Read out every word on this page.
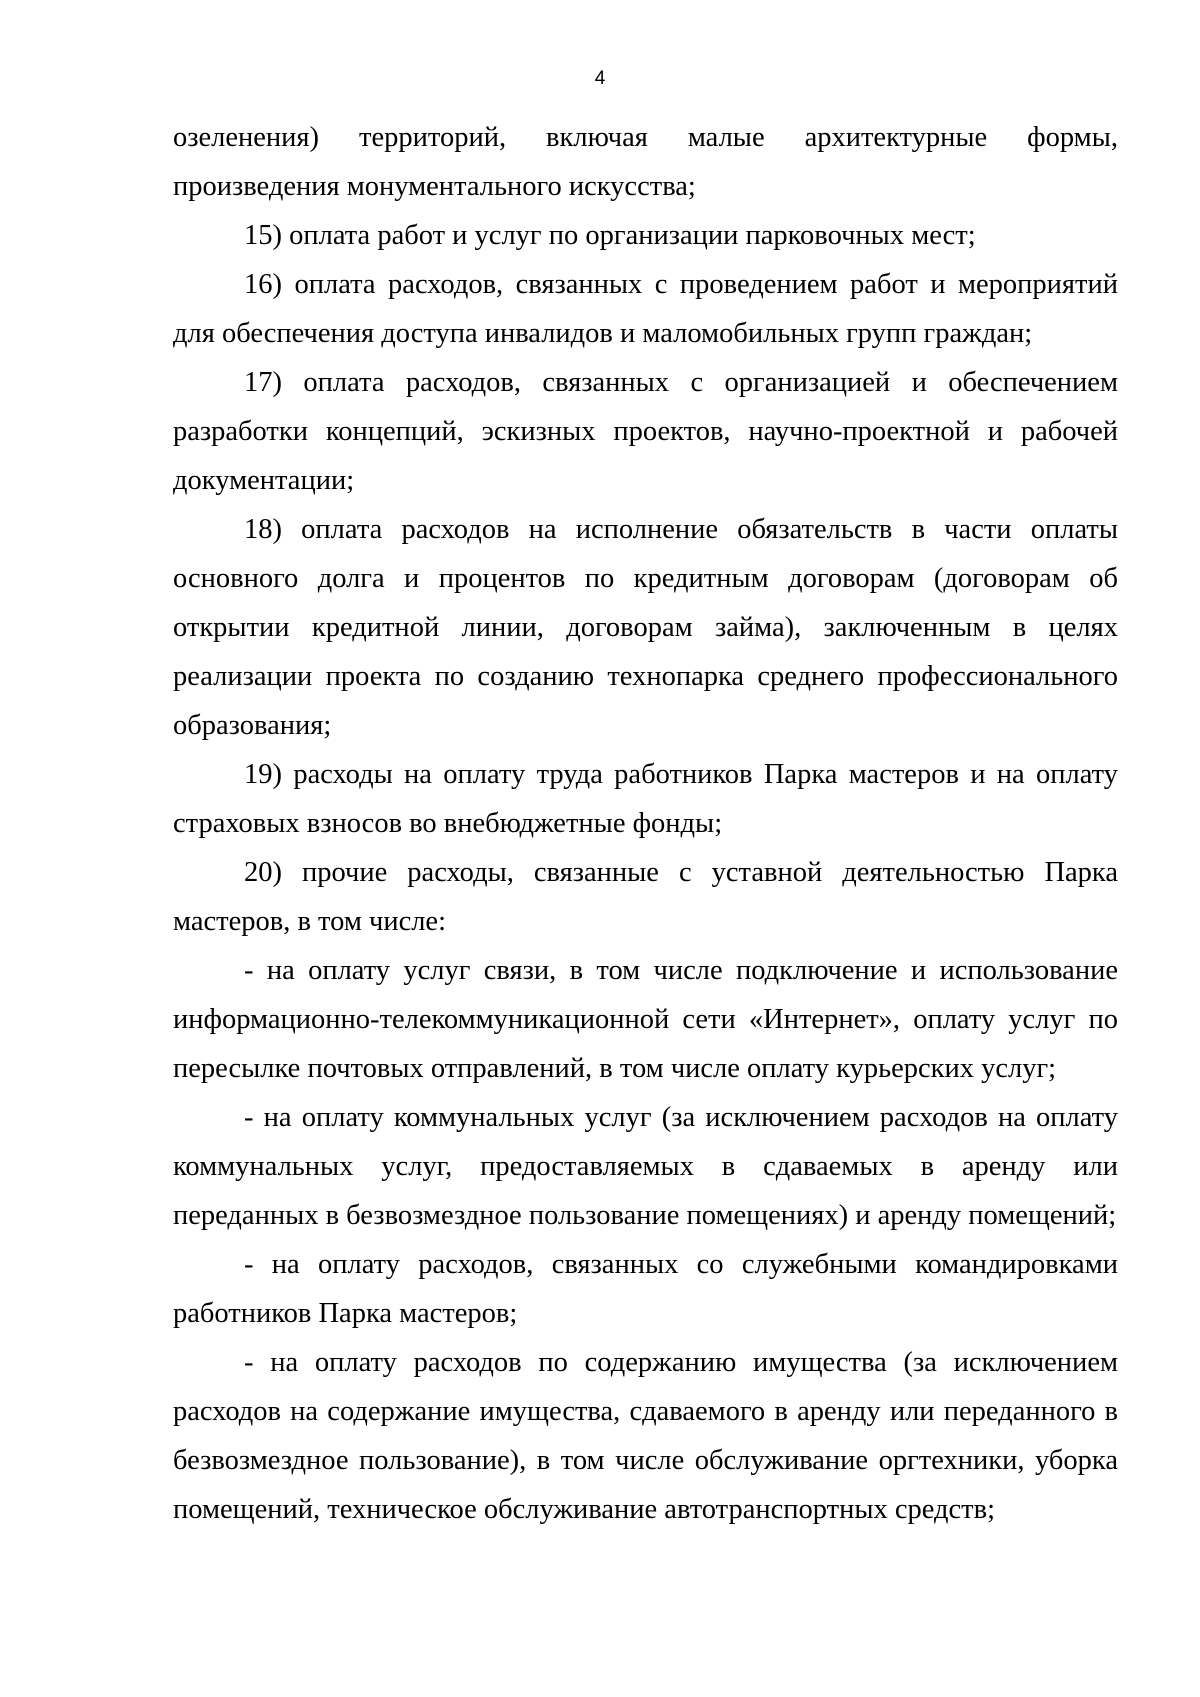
4

озеленения) территорий, включая малые архитектурные формы, произведения монументального искусства;

15) оплата работ и услуг по организации парковочных мест;

16) оплата расходов, связанных с проведением работ и мероприятий для обеспечения доступа инвалидов и маломобильных групп граждан;

17) оплата расходов, связанных с организацией и обеспечением разработки концепций, эскизных проектов, научно-проектной и рабочей документации;

18) оплата расходов на исполнение обязательств в части оплаты основного долга и процентов по кредитным договорам (договорам об открытии кредитной линии, договорам займа), заключенным в целях реализации проекта по созданию технопарка среднего профессионального образования;

19) расходы на оплату труда работников Парка мастеров и на оплату страховых взносов во внебюджетные фонды;

20) прочие расходы, связанные с уставной деятельностью Парка мастеров, в том числе:

- на оплату услуг связи, в том числе подключение и использование информационно-телекоммуникационной сети «Интернет», оплату услуг по пересылке почтовых отправлений, в том числе оплату курьерских услуг;

- на оплату коммунальных услуг (за исключением расходов на оплату коммунальных услуг, предоставляемых в сдаваемых в аренду или переданных в безвозмездное пользование помещениях) и аренду помещений;

- на оплату расходов, связанных со служебными командировками работников Парка мастеров;

- на оплату расходов по содержанию имущества (за исключением расходов на содержание имущества, сдаваемого в аренду или переданного в безвозмездное пользование), в том числе обслуживание оргтехники, уборка помещений, техническое обслуживание автотранспортных средств;
